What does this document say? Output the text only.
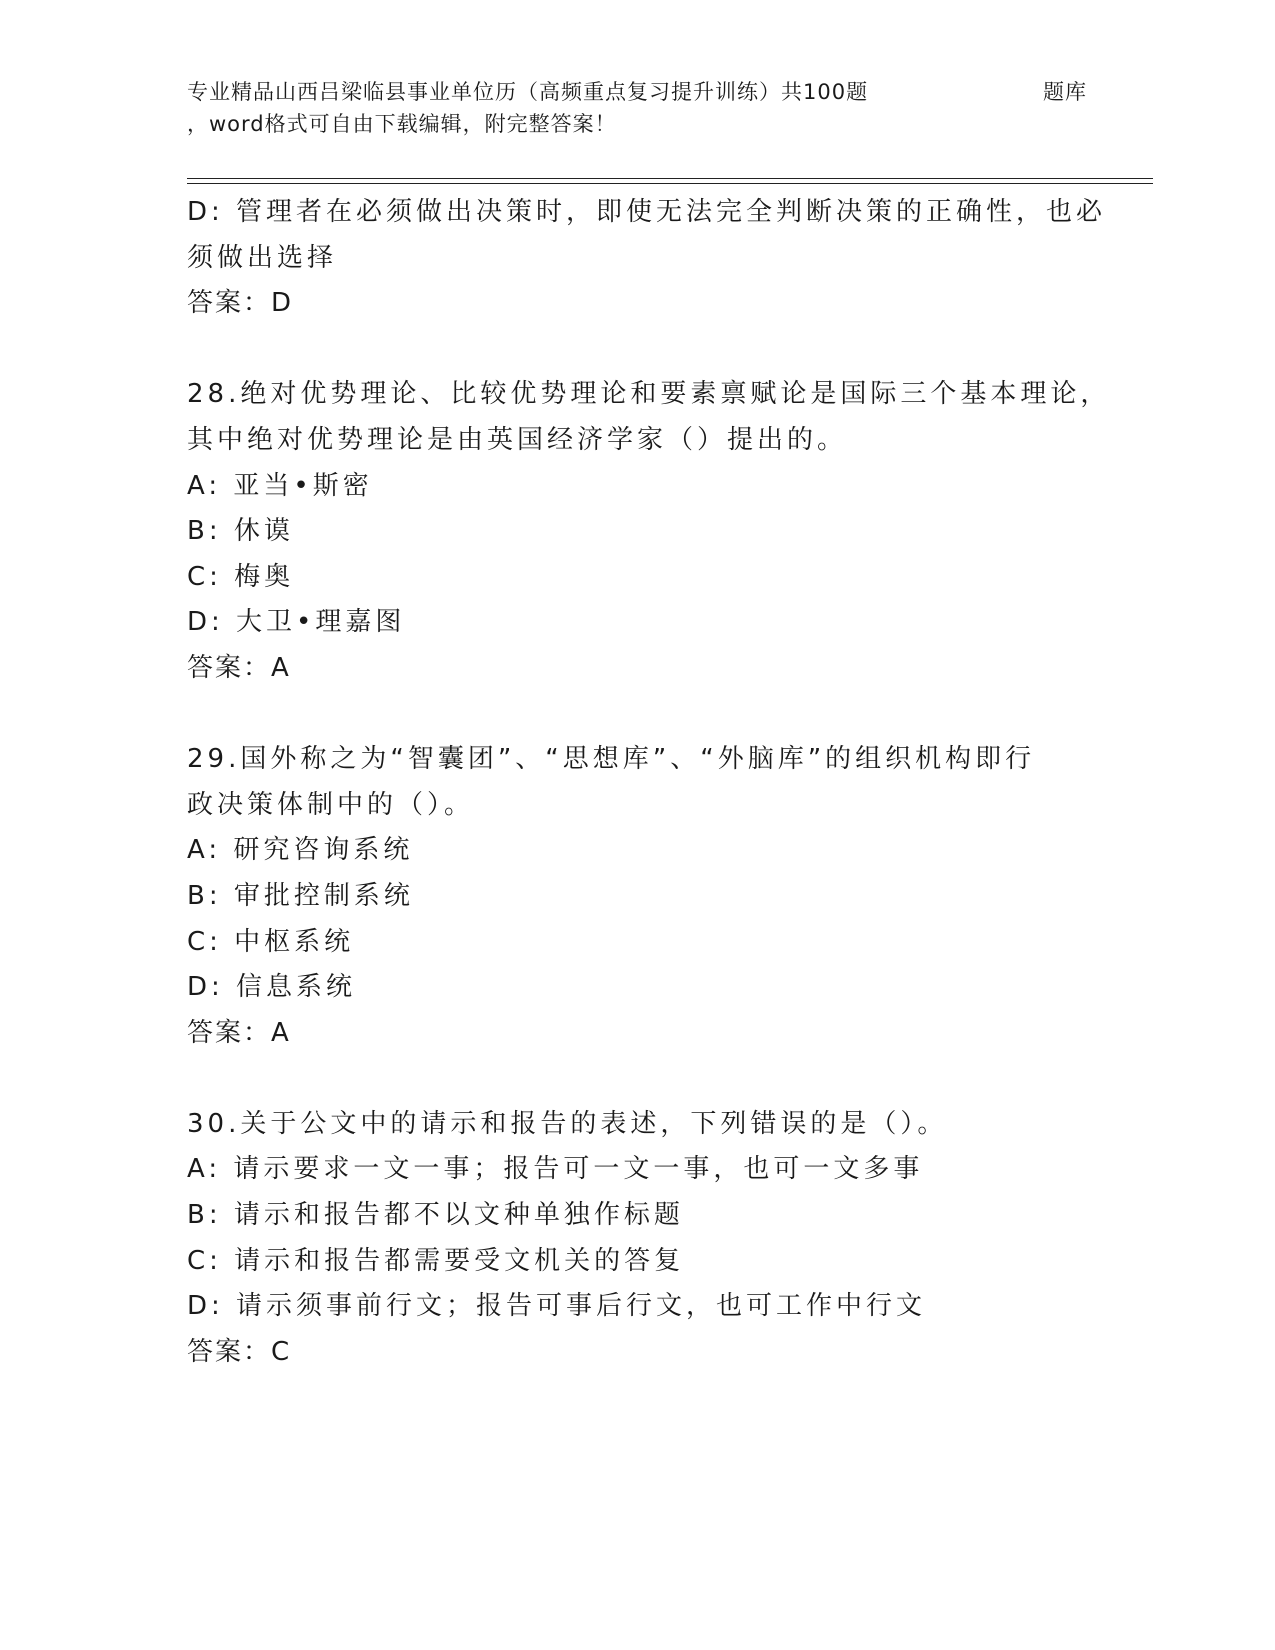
专业精品山西吕梁临县事业单位历（高频重点复习提升训练）共100题	题库
，word格式可自由下载编辑，附完整答案！

D: 管理者在必须做出决策时，即使无法完全判断决策的正确性，也必

须做出选择

答案：D

28.绝对优势理论、比较优势理论和要素禀赋论是国际三个基本理论，

其中绝对优势理论是由英国经济学家（）提出的。

A: 亚当•斯密

B: 休谟

C: 梅奥

D: 大卫•理嘉图

答案：A

29.国外称之为“智囊团”、“思想库”、“外脑库”的组织机构即行

政决策体制中的（）。

A: 研究咨询系统

B: 审批控制系统

C: 中枢系统

D: 信息系统

答案：A

30.关于公文中的请示和报告的表述，下列错误的是（）。

A: 请示要求一文一事；报告可一文一事，也可一文多事

B: 请示和报告都不以文种单独作标题

C: 请示和报告都需要受文机关的答复

D: 请示须事前行文；报告可事后行文，也可工作中行文

答案：C
